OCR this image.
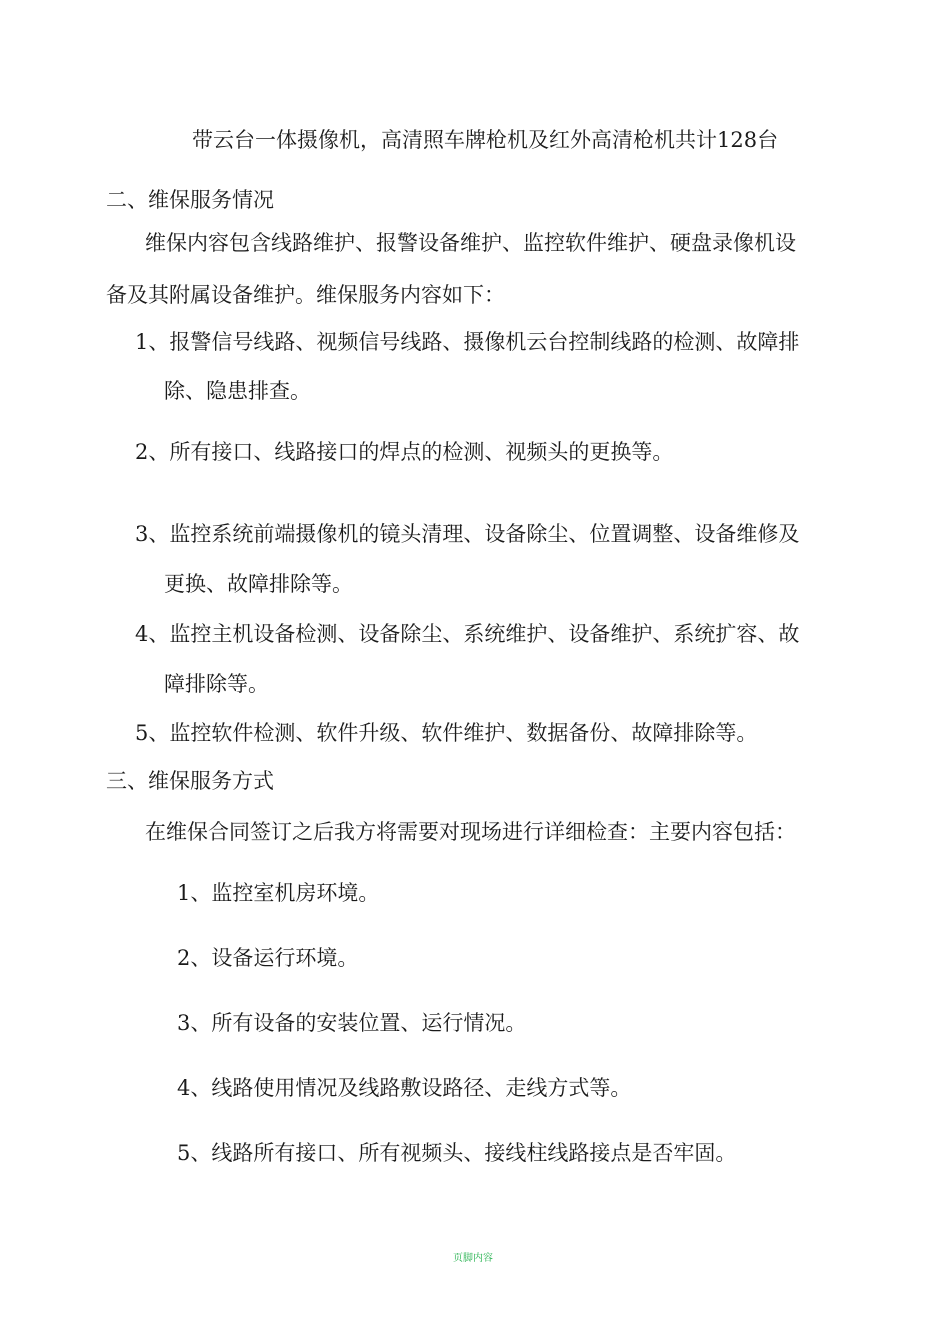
带云台一体摄像机，高清照车牌枪机及红外高清枪机共计128台
二、维保服务情况
维保内容包含线路维护、报警设备维护、监控软件维护、硬盘录像机设
备及其附属设备维护。维保服务内容如下：
1、报警信号线路、视频信号线路、摄像机云台控制线路的检测、故障排
除、隐患排查。
2、所有接口、线路接口的焊点的检测、视频头的更换等。
3、监控系统前端摄像机的镜头清理、设备除尘、位置调整、设备维修及
更换、故障排除等。
4、监控主机设备检测、设备除尘、系统维护、设备维护、系统扩容、故
障排除等。
5、监控软件检测、软件升级、软件维护、数据备份、故障排除等。
三、维保服务方式
在维保合同签订之后我方将需要对现场进行详细检查：主要内容包括：
1、监控室机房环境。
2、设备运行环境。
3、所有设备的安装位置、运行情况。
4、线路使用情况及线路敷设路径、走线方式等。
5、线路所有接口、所有视频头、接线柱线路接点是否牢固。
页脚内容
